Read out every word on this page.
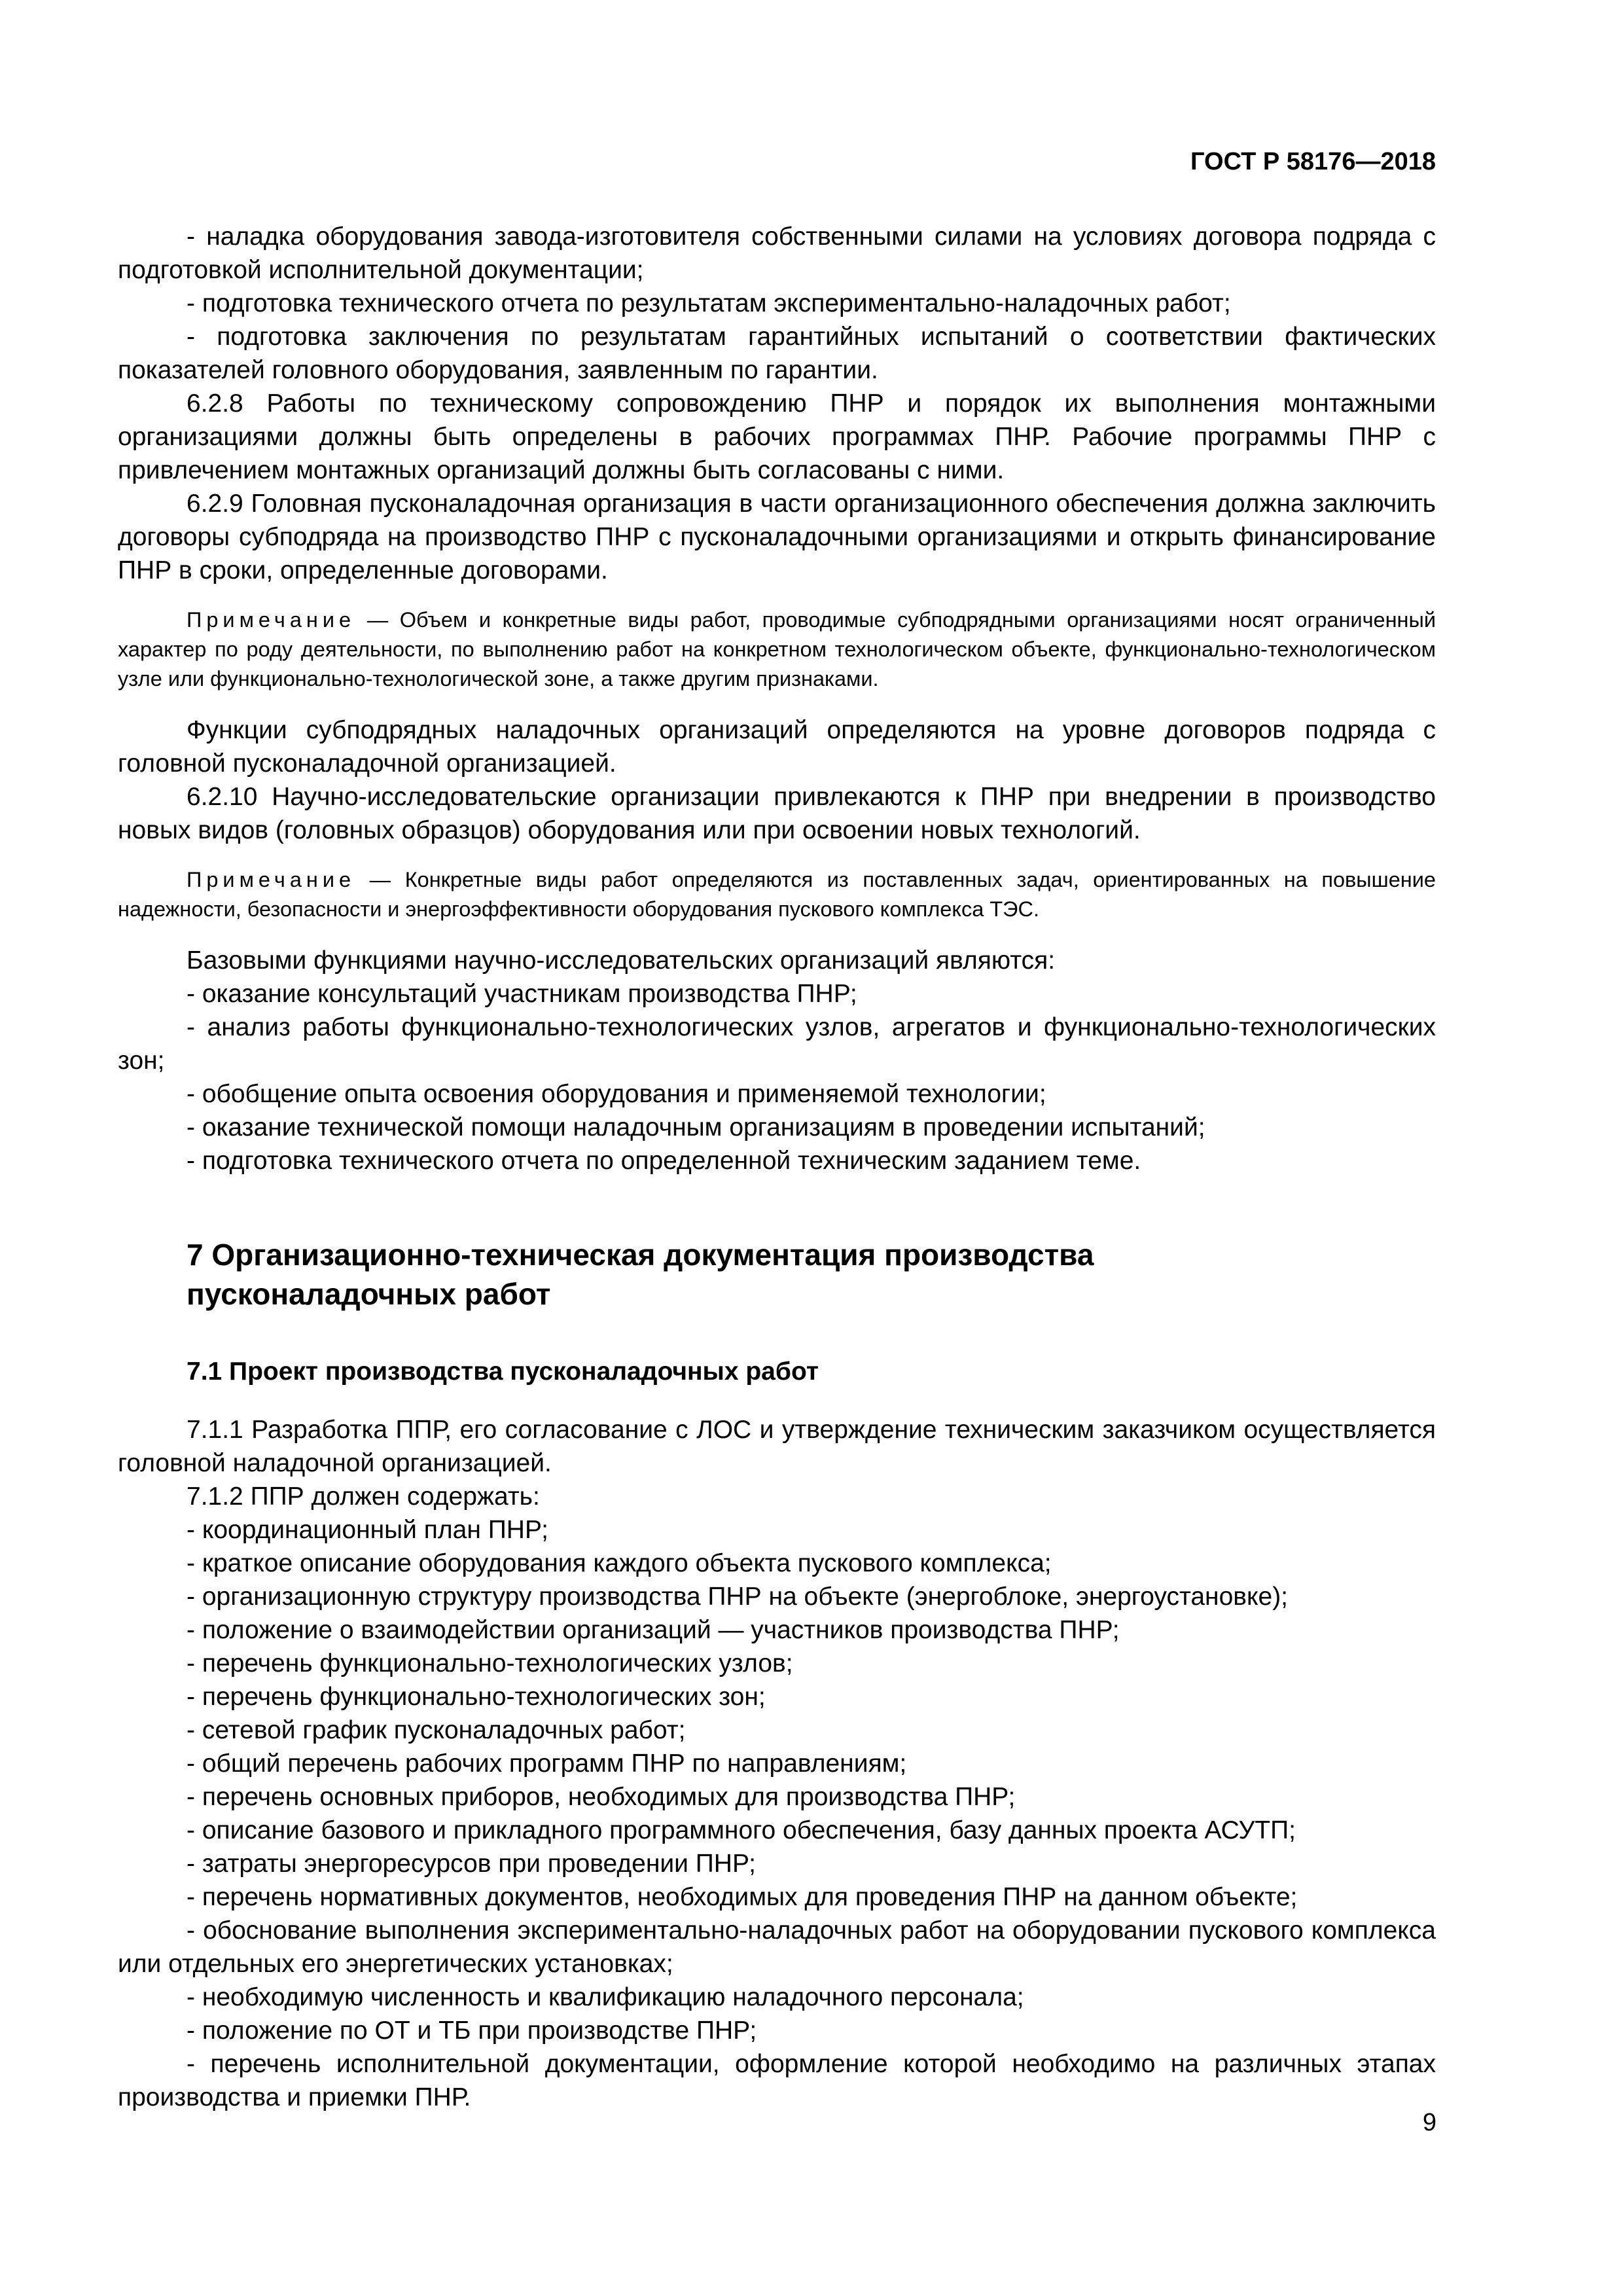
ГОСТ Р 58176—2018

- наладка оборудования завода-изготовителя собственными силами на условиях договора подряда с подготовкой исполнительной документации;

- подготовка технического отчета по результатам экспериментально-наладочных работ;

- подготовка заключения по результатам гарантийных испытаний о соответствии фактических показателей головного оборудования, заявленным по гарантии.

6.2.8 Работы по техническому сопровождению ПНР и порядок их выполнения монтажными организациями должны быть определены в рабочих программах ПНР. Рабочие программы ПНР с привлечением монтажных организаций должны быть согласованы с ними.

6.2.9 Головная пусконаладочная организация в части организационного обеспечения должна заключить договоры субподряда на производство ПНР с пусконаладочными организациями и открыть финансирование ПНР в сроки, определенные договорами.

Примечание — Объем и конкретные виды работ, проводимые субподрядными организациями носят ограниченный характер по роду деятельности, по выполнению работ на конкретном технологическом объекте, функционально-технологическом узле или функционально-технологической зоне, а также другим признаками.

Функции субподрядных наладочных организаций определяются на уровне договоров подряда с головной пусконаладочной организацией.

6.2.10 Научно-исследовательские организации привлекаются к ПНР при внедрении в производство новых видов (головных образцов) оборудования или при освоении новых технологий.

Примечание — Конкретные виды работ определяются из поставленных задач, ориентированных на повышение надежности, безопасности и энергоэффективности оборудования пускового комплекса ТЭС.

Базовыми функциями научно-исследовательских организаций являются:

- оказание консультаций участникам производства ПНР;

- анализ работы функционально-технологических узлов, агрегатов и функционально-технологических зон;

- обобщение опыта освоения оборудования и применяемой технологии;

- оказание технической помощи наладочным организациям в проведении испытаний;

- подготовка технического отчета по определенной техническим заданием теме.

7 Организационно-техническая документация производства
пусконаладочных работ
7.1 Проект производства пусконаладочных работ

7.1.1 Разработка ППР, его согласование с ЛОС и утверждение техническим заказчиком осуществляется головной наладочной организацией.

7.1.2 ППР должен содержать:

- координационный план ПНР;

- краткое описание оборудования каждого объекта пускового комплекса;

- организационную структуру производства ПНР на объекте (энергоблоке, энергоустановке);

- положение о взаимодействии организаций — участников производства ПНР;

- перечень функционально-технологических узлов;

- перечень функционально-технологических зон;

- сетевой график пусконаладочных работ;

- общий перечень рабочих программ ПНР по направлениям;

- перечень основных приборов, необходимых для производства ПНР;

- описание базового и прикладного программного обеспечения, базу данных проекта АСУТП;

- затраты энергоресурсов при проведении ПНР;

- перечень нормативных документов, необходимых для проведения ПНР на данном объекте;

- обоснование выполнения экспериментально-наладочных работ на оборудовании пускового комплекса или отдельных его энергетических установках;

- необходимую численность и квалификацию наладочного персонала;

- положение по ОТ и ТБ при производстве ПНР;

- перечень исполнительной документации, оформление которой необходимо на различных этапах производства и приемки ПНР.

9
